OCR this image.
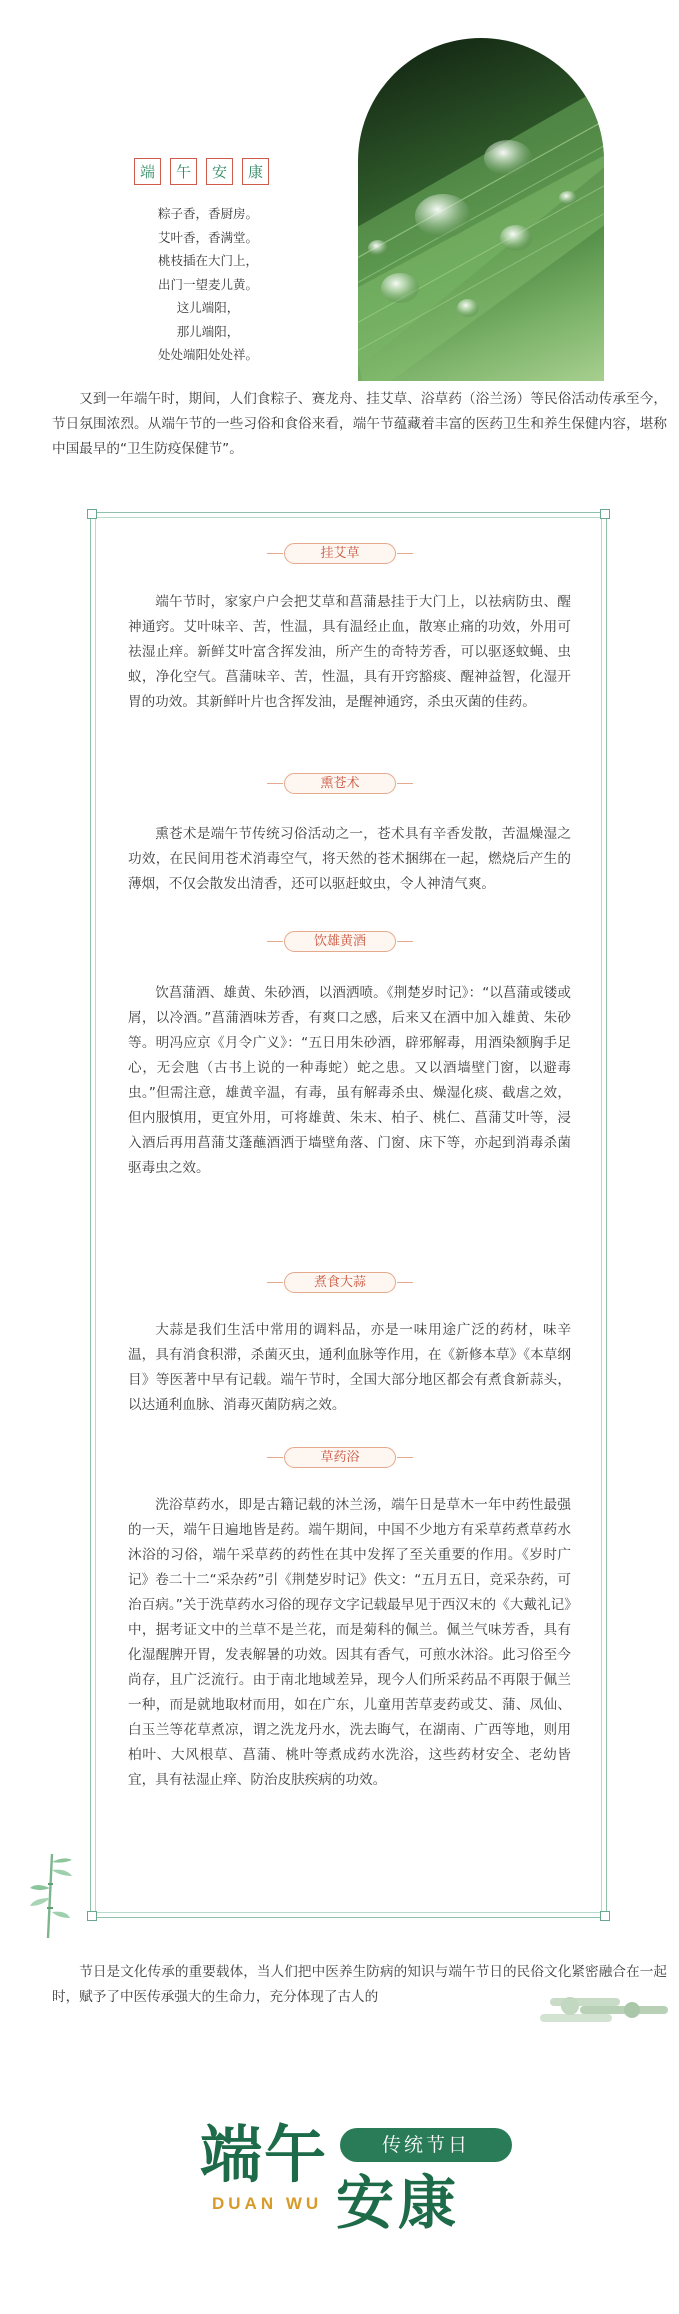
端	午	安	康
粽子香，香厨房。
艾叶香，香满堂。
桃枝插在大门上，
出门一望麦儿黄。
这儿端阳，
那儿端阳，
处处端阳处处祥。

又到一年端午时，期间，人们食粽子、赛龙舟、挂艾草、浴草药（浴兰汤）等民俗活动传承至今，节日氛围浓烈。从端午节的一些习俗和食俗来看，端午节蕴藏着丰富的医药卫生和养生保健内容，堪称中国最早的“卫生防疫保健节”。

挂艾草

端午节时，家家户户会把艾草和菖蒲悬挂于大门上，以祛病防虫、醒神通窍。艾叶味辛、苦，性温，具有温经止血，散寒止痛的功效，外用可祛湿止痒。新鲜艾叶富含挥发油，所产生的奇特芳香，可以驱逐蚊蝇、虫蚁，净化空气。菖蒲味辛、苦，性温，具有开窍豁痰、醒神益智，化湿开胃的功效。其新鲜叶片也含挥发油，是醒神通窍，杀虫灭菌的佳药。

熏苍术

熏苍术是端午节传统习俗活动之一，苍术具有辛香发散，苦温燥湿之功效，在民间用苍术消毒空气，将天然的苍术捆绑在一起，燃烧后产生的薄烟，不仅会散发出清香，还可以驱赶蚊虫，令人神清气爽。

饮雄黄酒

饮菖蒲酒、雄黄、朱砂酒，以酒洒喷。《荆楚岁时记》：“以菖蒲或镂或屑，以冷酒。”菖蒲酒味芳香，有爽口之感，后来又在酒中加入雄黄、朱砂等。明冯应京《月令广义》：“五日用朱砂酒，辟邪解毒，用酒染额胸手足心，无会虺（古书上说的一种毒蛇）蛇之患。又以酒墙壁门窗，以避毒虫。”但需注意，雄黄辛温，有毒，虽有解毒杀虫、燥湿化痰、截虐之效，但内服慎用，更宜外用，可将雄黄、朱末、柏子、桃仁、菖蒲艾叶等，浸入酒后再用菖蒲艾蓬蘸酒洒于墙壁角落、门窗、床下等，亦起到消毒杀菌驱毒虫之效。

煮食大蒜

大蒜是我们生活中常用的调料品，亦是一味用途广泛的药材，味辛温，具有消食积滞，杀菌灭虫，通利血脉等作用，在《新修本草》《本草纲目》等医著中早有记载。端午节时，全国大部分地区都会有煮食新蒜头，以达通利血脉、消毒灭菌防病之效。

草药浴

洗浴草药水，即是古籍记载的沐兰汤，端午日是草木一年中药性最强的一天，端午日遍地皆是药。端午期间，中国不少地方有采草药煮草药水沐浴的习俗，端午采草药的药性在其中发挥了至关重要的作用。《岁时广记》卷二十二“采杂药”引《荆楚岁时记》佚文：“五月五日，竞采杂药，可治百病。”关于洗草药水习俗的现存文字记载最早见于西汉末的《大戴礼记》中，据考证文中的兰草不是兰花，而是菊科的佩兰。佩兰气味芳香，具有化湿醒脾开胃，发表解暑的功效。因其有香气，可煎水沐浴。此习俗至今尚存，且广泛流行。由于南北地域差异，现今人们所采药品不再限于佩兰一种，而是就地取材而用，如在广东，儿童用苦草麦药或艾、蒲、凤仙、白玉兰等花草煮凉，谓之洗龙丹水，洗去晦气，在湖南、广西等地，则用柏叶、大风根草、菖蒲、桃叶等煮成药水洗浴，这些药材安全、老幼皆宜，具有祛湿止痒、防治皮肤疾病的功效。

节日是文化传承的重要载体，当人们把中医养生防病的知识与端午节日的民俗文化紧密融合在一起时，赋予了中医传承强大的生命力，充分体现了古人的

端午
DUAN WU
传统节日
安康
